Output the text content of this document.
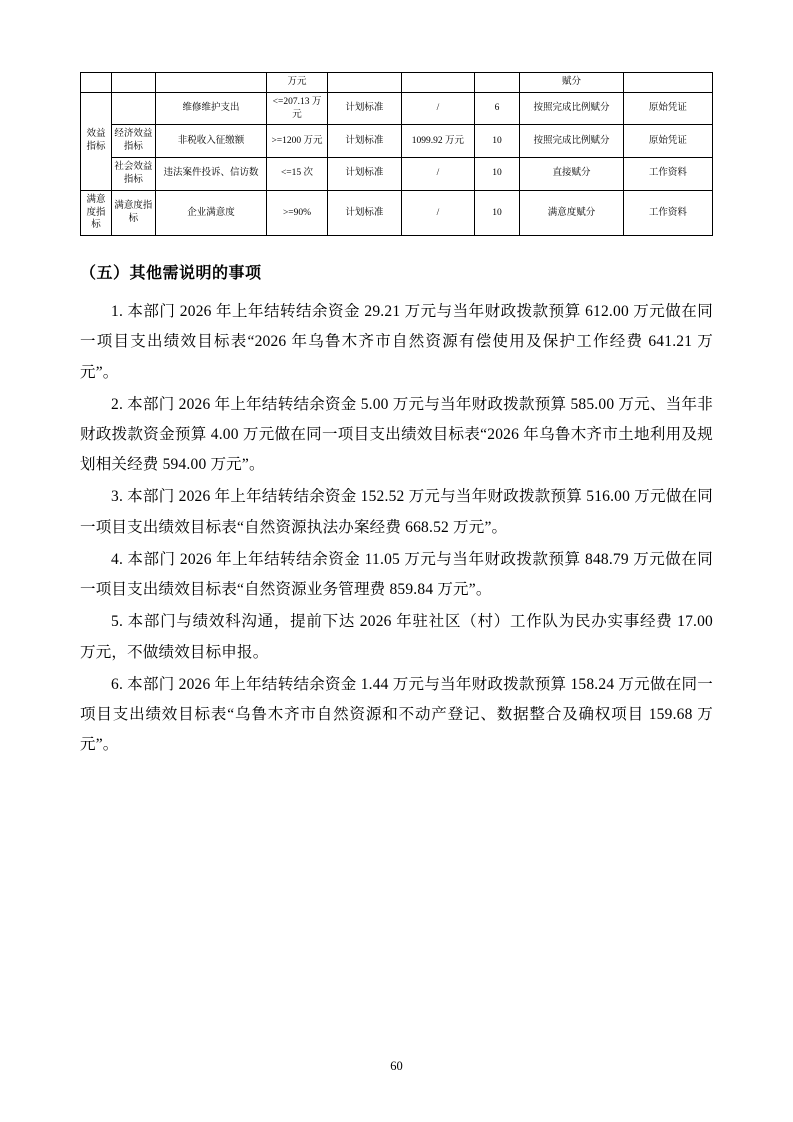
			万元				赋分	
效益指标		维修维护支出	<=207.13 万元	计划标准	/	6	按照完成比例赋分	原始凭证
	经济效益指标	非税收入征缴额	>=1200 万元	计划标准	1099.92 万元	10	按照完成比例赋分	原始凭证
	社会效益指标	违法案件投诉、信访数	<=15 次	计划标准	/	10	直接赋分	工作资料
满意度指标	满意度指标	企业满意度	>=90%	计划标准	/	10	满意度赋分	工作资料
（五）其他需说明的事项

1. 本部门 2026 年上年结转结余资金 29.21 万元与当年财政拨款预算 612.00 万元做在同一项目支出绩效目标表“2026 年乌鲁木齐市自然资源有偿使用及保护工作经费 641.21 万元”。

2. 本部门 2026 年上年结转结余资金 5.00 万元与当年财政拨款预算 585.00 万元、当年非财政拨款资金预算 4.00 万元做在同一项目支出绩效目标表“2026 年乌鲁木齐市土地利用及规划相关经费 594.00 万元”。

3. 本部门 2026 年上年结转结余资金 152.52 万元与当年财政拨款预算 516.00 万元做在同一项目支出绩效目标表“自然资源执法办案经费 668.52 万元”。

4. 本部门 2026 年上年结转结余资金 11.05 万元与当年财政拨款预算 848.79 万元做在同一项目支出绩效目标表“自然资源业务管理费 859.84 万元”。

5. 本部门与绩效科沟通，提前下达 2026 年驻社区（村）工作队为民办实事经费 17.00 万元，不做绩效目标申报。

6. 本部门 2026 年上年结转结余资金 1.44 万元与当年财政拨款预算 158.24 万元做在同一项目支出绩效目标表“乌鲁木齐市自然资源和不动产登记、数据整合及确权项目 159.68 万元”。

60
